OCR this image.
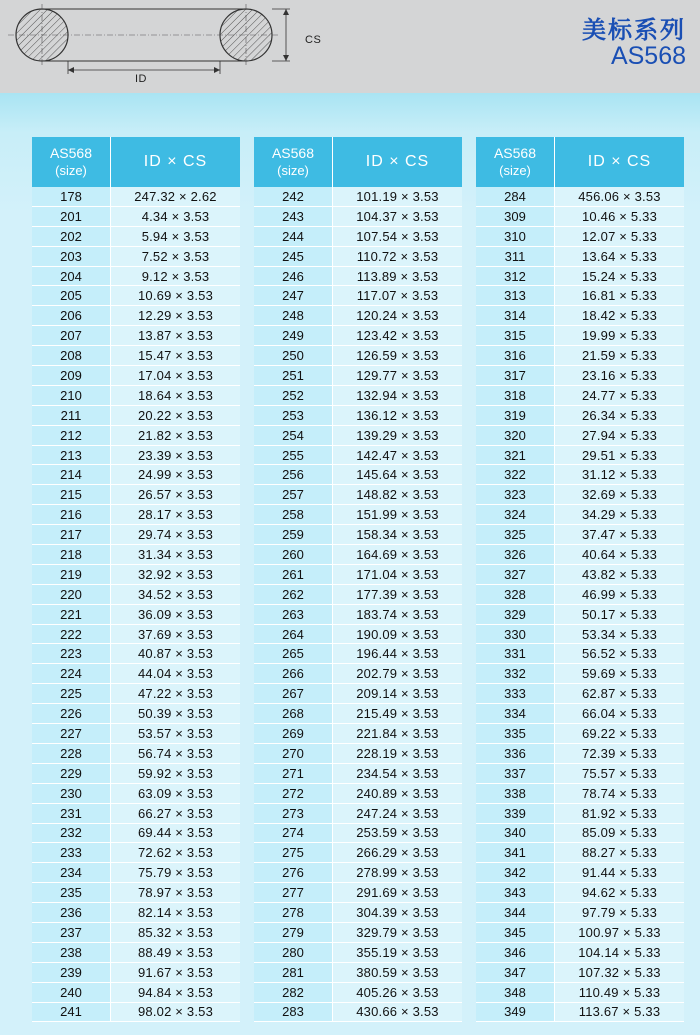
CS
ID
美标系列
AS568
AS568
(size)
ID × CS
178	247.32 × 2.62
201	4.34 × 3.53
202	5.94 × 3.53
203	7.52 × 3.53
204	9.12 × 3.53
205	10.69 × 3.53
206	12.29 × 3.53
207	13.87 × 3.53
208	15.47 × 3.53
209	17.04 × 3.53
210	18.64 × 3.53
211	20.22 × 3.53
212	21.82 × 3.53
213	23.39 × 3.53
214	24.99 × 3.53
215	26.57 × 3.53
216	28.17 × 3.53
217	29.74 × 3.53
218	31.34 × 3.53
219	32.92 × 3.53
220	34.52 × 3.53
221	36.09 × 3.53
222	37.69 × 3.53
223	40.87 × 3.53
224	44.04 × 3.53
225	47.22 × 3.53
226	50.39 × 3.53
227	53.57 × 3.53
228	56.74 × 3.53
229	59.92 × 3.53
230	63.09 × 3.53
231	66.27 × 3.53
232	69.44 × 3.53
233	72.62 × 3.53
234	75.79 × 3.53
235	78.97 × 3.53
236	82.14 × 3.53
237	85.32 × 3.53
238	88.49 × 3.53
239	91.67 × 3.53
240	94.84 × 3.53
241	98.02 × 3.53
AS568
(size)
ID × CS
242	101.19 × 3.53
243	104.37 × 3.53
244	107.54 × 3.53
245	110.72 × 3.53
246	113.89 × 3.53
247	117.07 × 3.53
248	120.24 × 3.53
249	123.42 × 3.53
250	126.59 × 3.53
251	129.77 × 3.53
252	132.94 × 3.53
253	136.12 × 3.53
254	139.29 × 3.53
255	142.47 × 3.53
256	145.64 × 3.53
257	148.82 × 3.53
258	151.99 × 3.53
259	158.34 × 3.53
260	164.69 × 3.53
261	171.04 × 3.53
262	177.39 × 3.53
263	183.74 × 3.53
264	190.09 × 3.53
265	196.44 × 3.53
266	202.79 × 3.53
267	209.14 × 3.53
268	215.49 × 3.53
269	221.84 × 3.53
270	228.19 × 3.53
271	234.54 × 3.53
272	240.89 × 3.53
273	247.24 × 3.53
274	253.59 × 3.53
275	266.29 × 3.53
276	278.99 × 3.53
277	291.69 × 3.53
278	304.39 × 3.53
279	329.79 × 3.53
280	355.19 × 3.53
281	380.59 × 3.53
282	405.26 × 3.53
283	430.66 × 3.53
AS568
(size)
ID × CS
284	456.06 × 3.53
309	10.46 × 5.33
310	12.07 × 5.33
311	13.64 × 5.33
312	15.24 × 5.33
313	16.81 × 5.33
314	18.42 × 5.33
315	19.99 × 5.33
316	21.59 × 5.33
317	23.16 × 5.33
318	24.77 × 5.33
319	26.34 × 5.33
320	27.94 × 5.33
321	29.51 × 5.33
322	31.12 × 5.33
323	32.69 × 5.33
324	34.29 × 5.33
325	37.47 × 5.33
326	40.64 × 5.33
327	43.82 × 5.33
328	46.99 × 5.33
329	50.17 × 5.33
330	53.34 × 5.33
331	56.52 × 5.33
332	59.69 × 5.33
333	62.87 × 5.33
334	66.04 × 5.33
335	69.22 × 5.33
336	72.39 × 5.33
337	75.57 × 5.33
338	78.74 × 5.33
339	81.92 × 5.33
340	85.09 × 5.33
341	88.27 × 5.33
342	91.44 × 5.33
343	94.62 × 5.33
344	97.79 × 5.33
345	100.97 × 5.33
346	104.14 × 5.33
347	107.32 × 5.33
348	110.49 × 5.33
349	113.67 × 5.33
